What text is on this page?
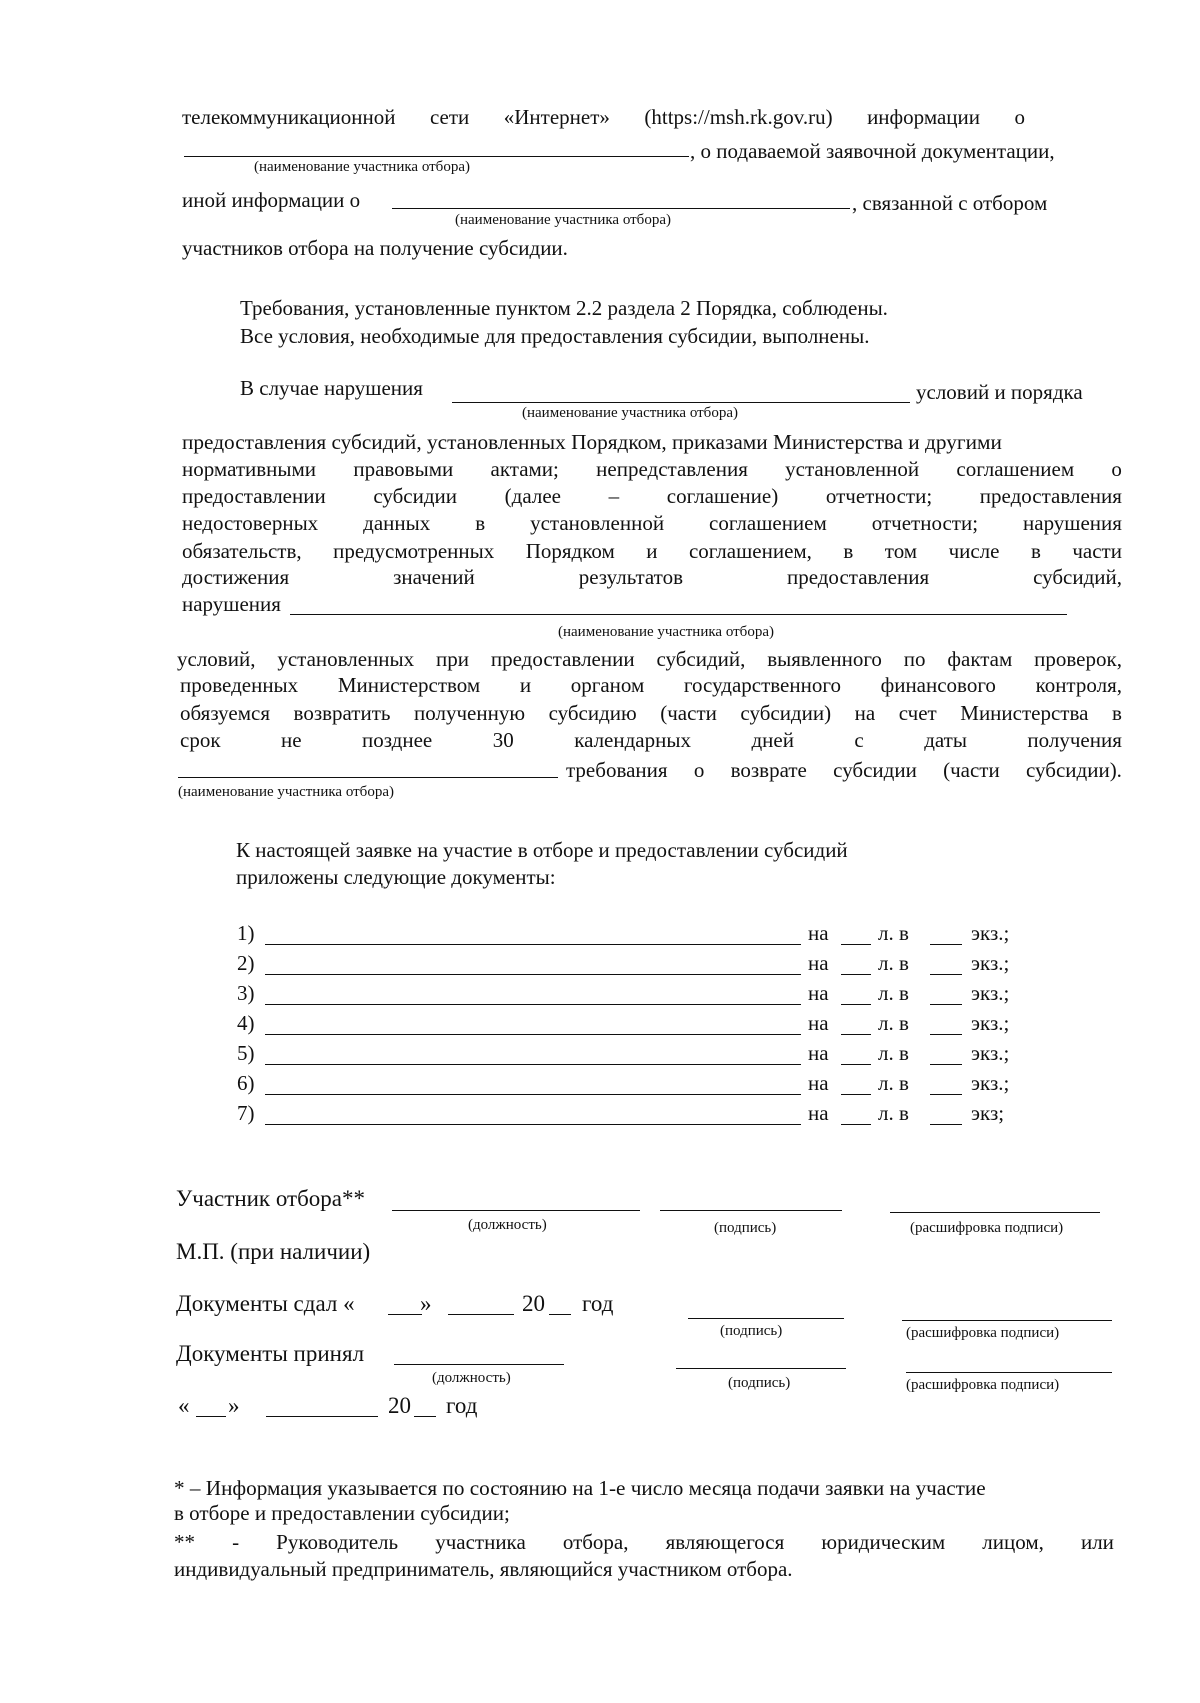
телекоммуникационной сети «Интернет» (https://msh.rk.gov.ru) информации о
, о подаваемой заявочной документации,
(наименование участника отбора)
иной информации о	, связанной с отбором
(наименование участника отбора)
участников отбора на получение субсидии.
Требования, установленные пунктом 2.2 раздела 2 Порядка, соблюдены.
Все условия, необходимые для предоставления субсидии, выполнены.
В случае нарушения	условий и порядка
(наименование участника отбора)
предоставления субсидий, установленных Порядком, приказами Министерства и другими
нормативными правовыми актами; непредставления установленной соглашением о
предоставлении субсидии (далее – соглашение) отчетности; предоставления
недостоверных данных в установленной соглашением отчетности; нарушения
обязательств, предусмотренных Порядком и соглашением, в том числе в части
достижения	значений	результатов	предоставления	субсидий,
нарушения
(наименование участника отбора)
условий, установленных при предоставлении субсидий, выявленного по фактам проверок,
проведенных Министерством и органом государственного финансового контроля,
обязуемся возвратить полученную субсидию (части субсидии) на счет Министерства в
срок	не	позднее	30	календарных	дней	с	даты	получения
требования о возврате субсидии (части субсидии).
(наименование участника отбора)
К настоящей заявке на участие в отборе и предоставлении субсидий
приложены следующие документы:
1)	на л. в	экз.;
2)	на л. в	экз.;
3)	на л. в	экз.;
4)	на л. в	экз.;
5)	на л. в	экз.;
6)	на л. в	экз.;
7)	на л. в	экз;
Участник отбора**
(должность)	(подпись)	(расшифровка подписи)
М.П. (при наличии)
Документы сдал «	»	20 год
(подпись)	(расшифровка подписи)
Документы принял
(должность)	(подпись)	(расшифровка подписи)
« »	20 год
* – Информация указывается по состоянию на 1-е число месяца подачи заявки на участие
в отборе и предоставлении субсидии;
** - Руководитель участника отбора, являющегося юридическим лицом, или
индивидуальный предприниматель, являющийся участником отбора.
